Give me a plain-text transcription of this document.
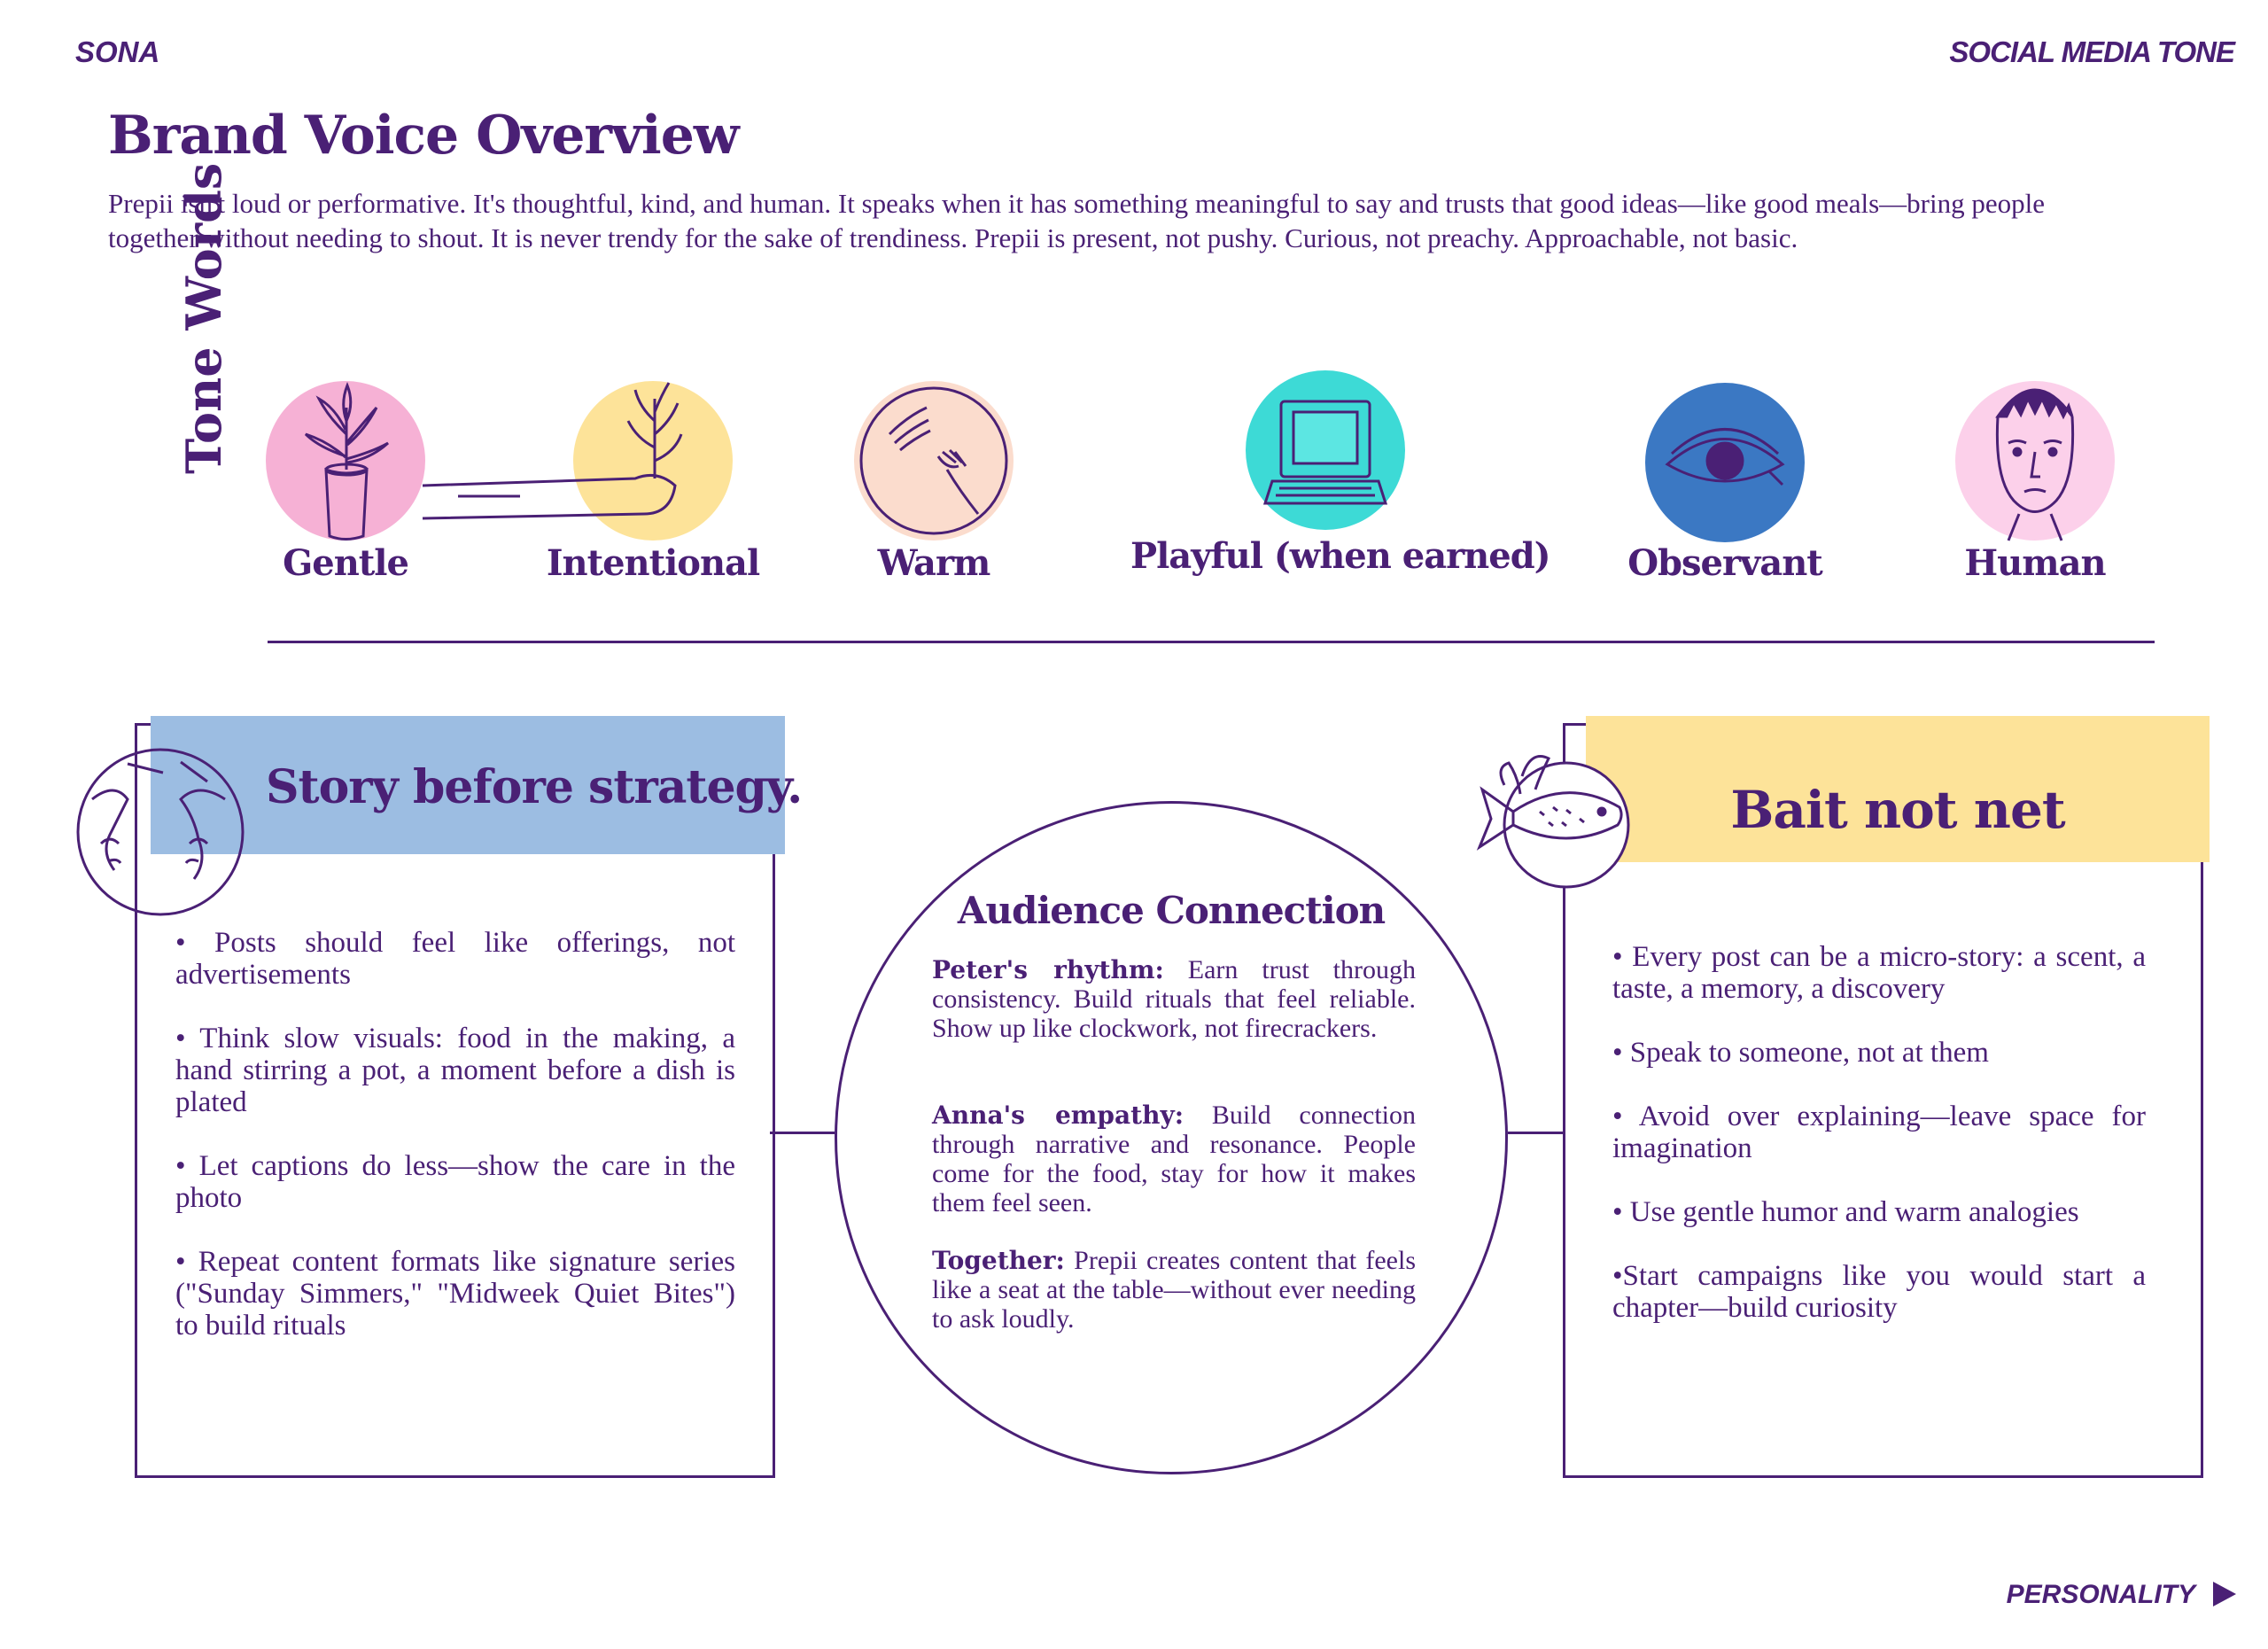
SONA	SOCIAL MEDIA TONE
Brand Voice Overview

Prepii isn't loud or performative. It's thoughtful, kind, and human. It speaks when it has something meaningful to say and trusts that good ideas—like good meals—bring people together without needing to shout. It is never trendy for the sake of trendiness. Prepii is present, not pushy. Curious, not preachy. Approachable, not basic.

Tone Words
Gentle	Intentional	Warm	Playful (when earned)	Observant	Human
Story before strategy.
• Posts should feel like offerings, not advertisements
• Think slow visuals: food in the making, a hand stirring a pot, a moment before a dish is plated
• Let captions do less—show the care in the photo
• Repeat content formats like signature series ("Sunday Simmers," "Midweek Quiet Bites") to build rituals
Audience Connection

Peter's rhythm: Earn trust through consistency. Build rituals that feel reliable. Show up like clockwork, not firecrackers.

Anna's empathy: Build connection through narrative and resonance. People come for the food, stay for how it makes them feel seen.

Together: Prepii creates content that feels like a seat at the table—without ever needing to ask loudly.

Bait not net
• Every post can be a micro-story: a scent, a taste, a memory, a discovery
• Speak to someone, not at them
• Avoid over explaining—leave space for imagination
• Use gentle humor and warm analogies
•Start campaigns like you would start a chapter—build curiosity
PERSONALITY
